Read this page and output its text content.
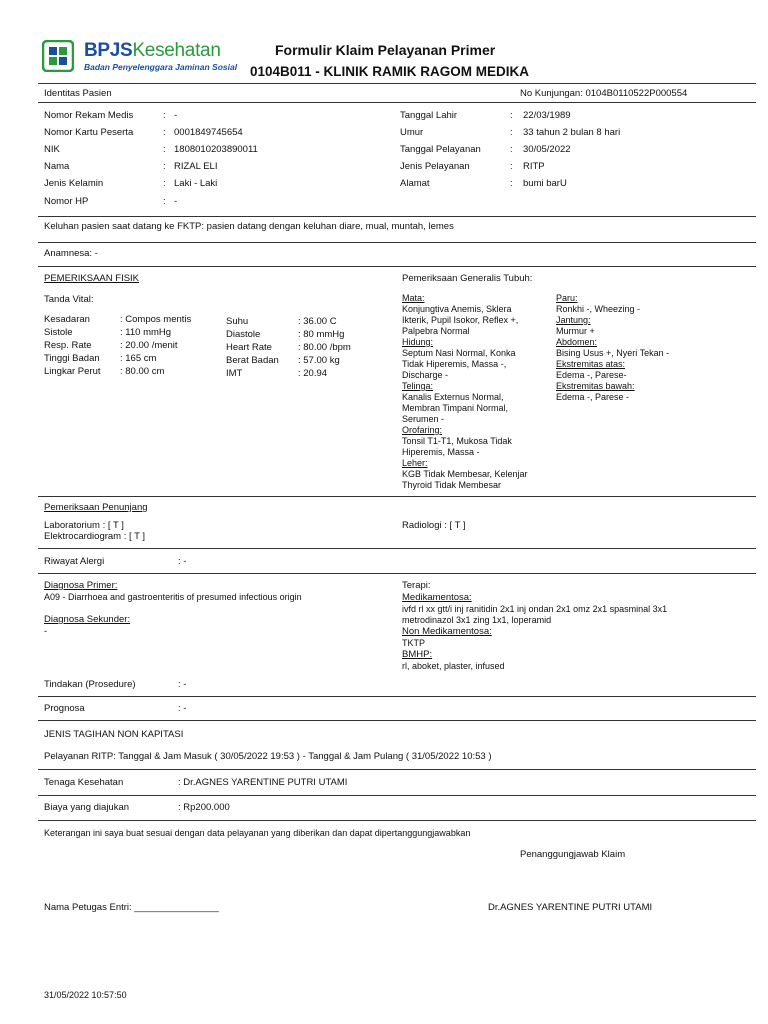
BPJSKesehatan
Badan Penyelenggara Jaminan Sosial
Formulir Klaim Pelayanan Primer
0104B011 - KLINIK RAMIK RAGOM MEDIKA
Identitas Pasien	No Kunjungan: 0104B0110522P000554
Nomor Rekam Medis	: -
Nomor Kartu Peserta	: 0001849745654
NIK	: 1808010203890011
Nama	: RIZAL ELI
Jenis Kelamin	: Laki - Laki
Nomor HP	: -
Tanggal Lahir	: 22/03/1989
Umur	: 33 tahun 2 bulan 8 hari
Tanggal Pelayanan	: 30/05/2022
Jenis Pelayanan	: RITP
Alamat	: bumi barU
Keluhan pasien saat datang ke FKTP: pasien datang dengan keluhan diare, mual, muntah, lemes
Anamnesa: -
PEMERIKSAAN FISIK
Tanda Vital:
Kesadaran	: Compos mentis
Sistole	: 110 mmHg
Resp. Rate	: 20.00 /menit
Tinggi Badan : 165 cm
Lingkar Perut : 80.00 cm
Suhu	: 36.00 C
Diastole	: 80 mmHg
Heart Rate	: 80.00 /bpm
Berat Badan : 57.00 kg
IMT	: 20.94
Pemeriksaan Generalis Tubuh:
Mata:
Konjungtiva Anemis, Sklera
Ikterik, Pupil Isokor, Reflex +,
Palpebra Normal
Hidung:
Septum Nasi Normal, Konka
Tidak Hiperemis, Massa -,
Discharge -
Telinga:
Kanalis Externus Normal,
Membran Timpani Normal,
Serumen -
Orofaring:
Tonsil T1-T1, Mukosa Tidak
Hiperemis, Massa -
Leher:
KGB Tidak Membesar, Kelenjar
Thyroid Tidak Membesar
Paru:
Ronkhi -, Wheezing -
Jantung:
Murmur +
Abdomen:
Bising Usus +, Nyeri Tekan -
Ekstremitas atas:
Edema -, Parese-
Ekstremitas bawah:
Edema -, Parese -
Pemeriksaan Penunjang
Laboratorium : [ T ]
Elektrocardiogram : [ T ]
Radiologi : [ T ]
Riwayat Alergi	: -
Diagnosa Primer:
A09 - Diarrhoea and gastroenteritis of presumed infectious origin
Diagnosa Sekunder:
-
Terapi:
Medikamentosa:
ivfd rl xx gtt/i inj ranitidin 2x1 inj ondan 2x1 omz 2x1 spasminal 3x1
metrodinazol 3x1 zing 1x1, loperamid
Non Medikamentosa:
TKTP
BMHP:
rl, aboket, plaster, infused
Tindakan (Prosedure)	: -
Prognosa	: -
JENIS TAGIHAN NON KAPITASI
Pelayanan RITP: Tanggal & Jam Masuk ( 30/05/2022 19:53 ) - Tanggal & Jam Pulang ( 31/05/2022 10:53 )
Tenaga Kesehatan	: Dr.AGNES YARENTINE PUTRI UTAMI
Biaya yang diajukan	: Rp200.000
Keterangan ini saya buat sesuai dengan data pelayanan yang diberikan dan dapat dipertanggungjawabkan
Penanggungjawab Klaim
Nama Petugas Entri: ________________	Dr.AGNES YARENTINE PUTRI UTAMI
31/05/2022 10:57:50
